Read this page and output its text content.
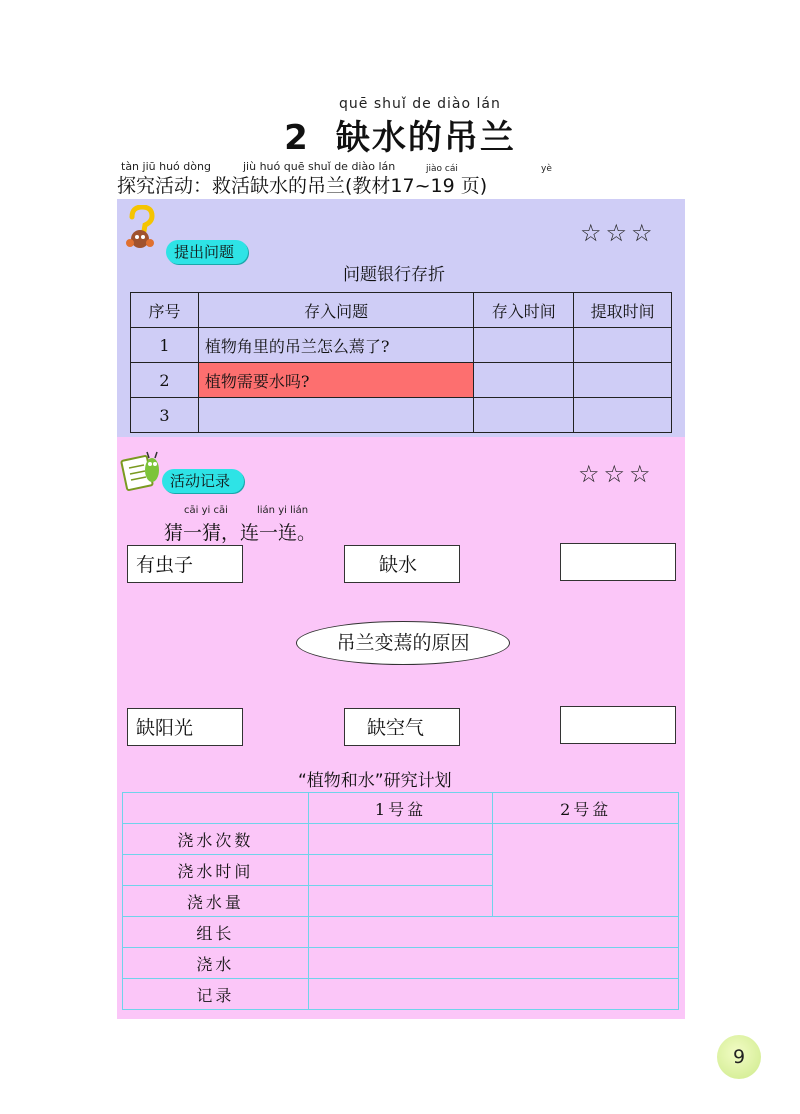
quē shuǐ de diào lán
2 缺水的吊兰
tàn jiū huó dòng	jiù huó quē shuǐ de diào lán	jiào cái	yè
探究活动：救活缺水的吊兰(教材17~19 页)
提出问题
☆☆☆
问题银行存折
序号	存入问题	存入时间	提取时间
1	植物角里的吊兰怎么蔫了?		
2	植物需要水吗?		
3			
活动记录	☆☆☆
cāi yi cāi	lián yi lián
猜一猜，连一连。
有虫子	缺水
吊兰变蔫的原因
缺阳光	缺空气
“植物和水”研究计划
	1号盆	2号盆
浇水次数		
浇水时间		
浇水量		
组长		
浇水		
记录		
9
